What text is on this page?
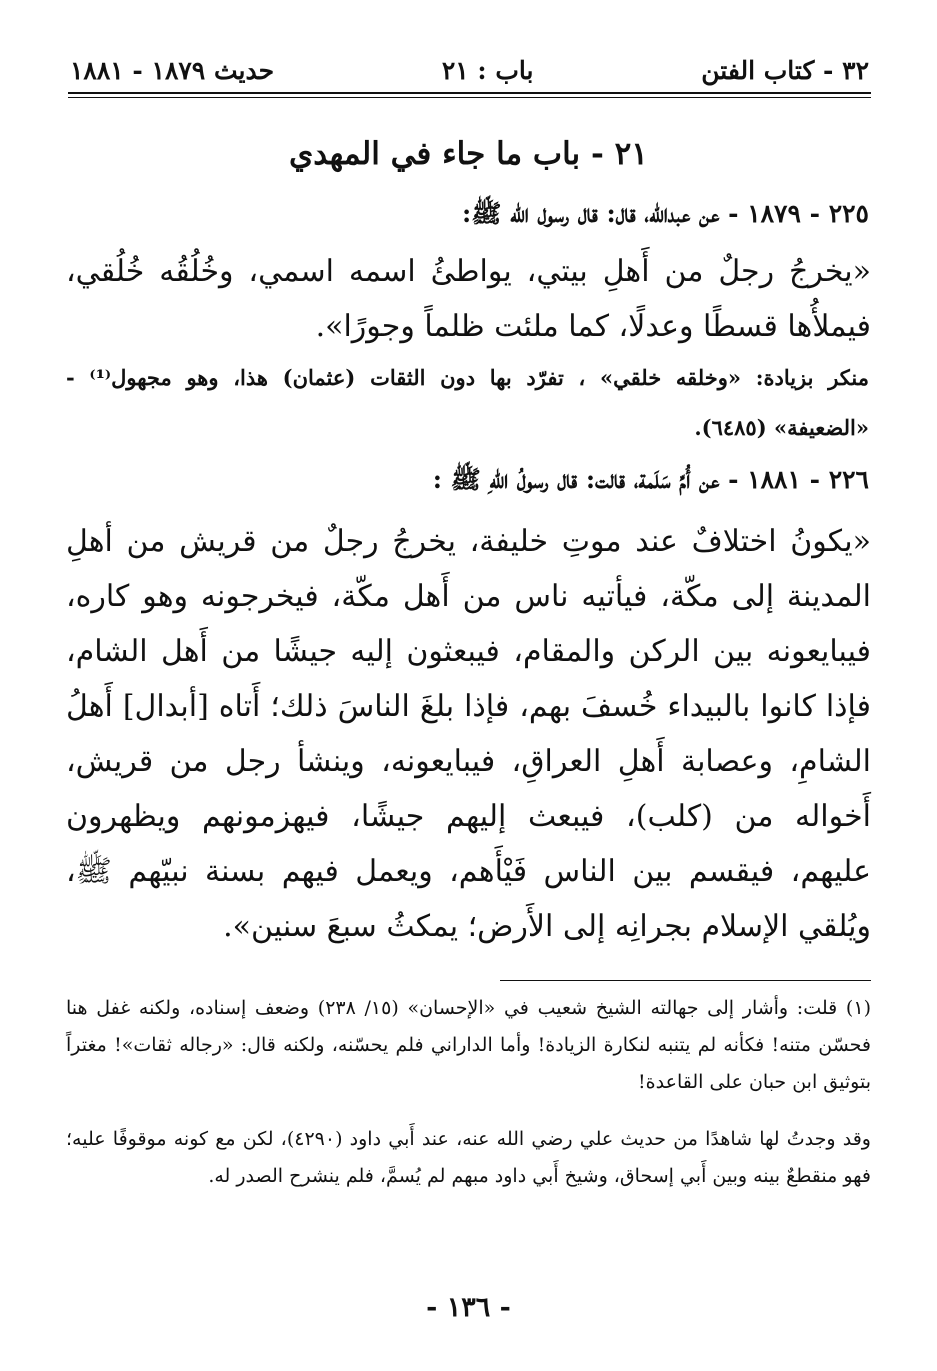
٣٢ - كتاب الفتن
باب : ٢١
حديث ١٨٧٩ - ١٨٨١
٢١ - باب ما جاء في المهدي
٢٢٥ - ١٨٧٩ - عن عبدالله، قال: قال رسول الله ﷺ:
«يخرجُ رجلٌ من أَهلِ بيتي، يواطئُ اسمه اسمي، وخُلُقُه خُلُقي، فيملأُها قسطًا وعدلًا، كما ملئت ظلماً وجورًا».
منكر بزيادة: «وخلقه خلقي» ، تفرّد بها دون الثقات (عثمان) هذا، وهو مجهول⁽¹⁾ - «الضعيفة» (٦٤٨٥).
٢٢٦ - ١٨٨١ - عن أُمِّ سَلَمة، قالت: قال رسولُ اللهِ ﷺ :
«يكونُ اختلافٌ عند موتِ خليفة، يخرجُ رجلٌ من قريش من أهلِ المدينة إلى مكّة، فيأتيه ناس من أَهل مكّة، فيخرجونه وهو كاره، فيبايعونه بين الركن والمقام، فيبعثون إليه جيشًا من أَهل الشام، فإذا كانوا بالبيداء خُسفَ بهم، فإذا بلغَ الناسَ ذلك؛ أَتاه [أبدال] أَهلُ الشامِ، وعصابة أَهلِ العراقِ، فيبايعونه، وينشأ رجل من قريش، أَخواله من (كلب)، فيبعث إليهم جيشًا، فيهزمونهم ويظهرون عليهم، فيقسم بين الناس فَيْأَهم، ويعمل فيهم بسنة نبيّهم ﷺ، ويُلقي الإسلام بجرانِه إلى الأَرض؛ يمكثُ سبعَ سنين».
(١) قلت: وأشار إلى جهالته الشيخ شعيب في «الإحسان» (١٥/ ٢٣٨) وضعف إسناده، ولكنه غفل هنا فحسّن متنه! فكأنه لم يتنبه لنكارة الزيادة! وأما الداراني فلم يحسّنه، ولكنه قال: «رجاله ثقات»! مغتراً بتوثيق ابن حبان على القاعدة!
وقد وجدتُ لها شاهدًا من حديث علي رضي الله عنه، عند أَبي داود (٤٢٩٠)، لكن مع كونه موقوفًا عليه؛ فهو منقطعٌ بينه وبين أَبي إسحاق، وشيخ أَبي داود مبهم لم يُسمَّ، فلم ينشرح الصدر له.
- ١٣٦ -
